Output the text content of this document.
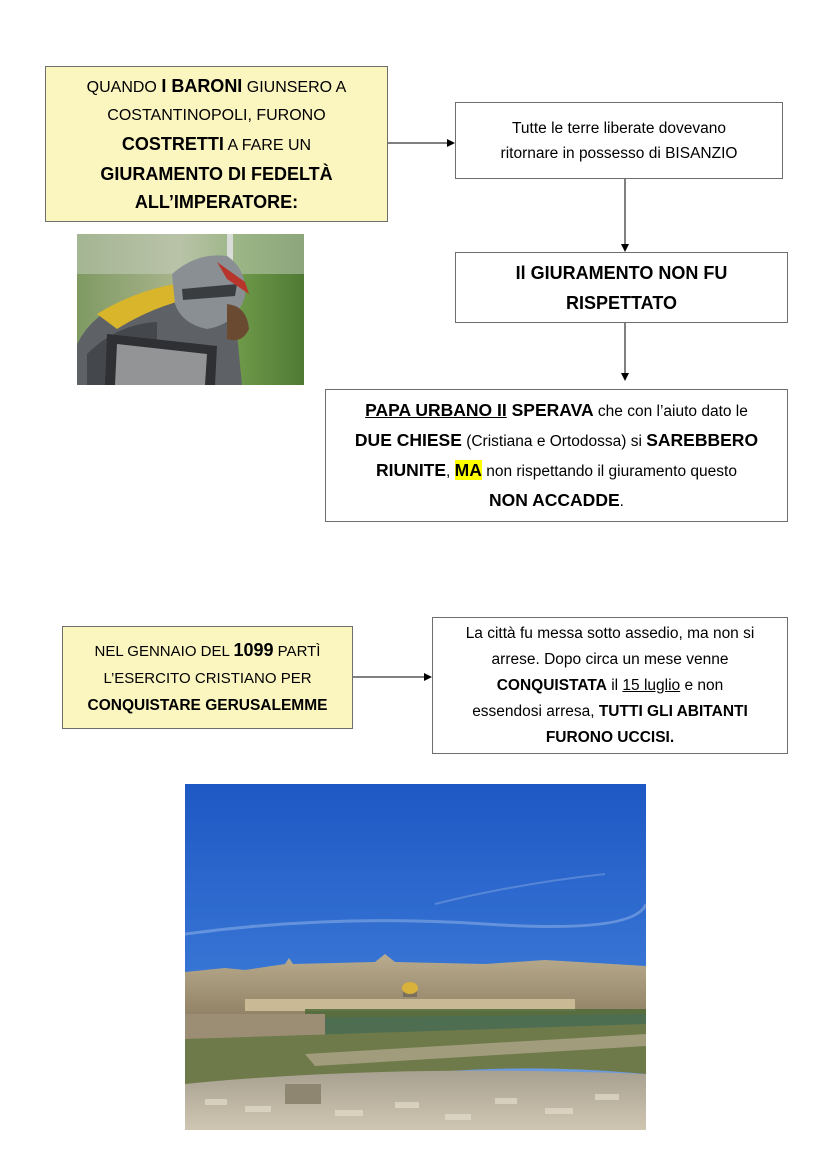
QUANDO I BARONI GIUNSERO A
COSTANTINOPOLI, FURONO
COSTRETTI A FARE UN
GIURAMENTO DI FEDELTÀ
ALL’IMPERATORE:
Tutte le terre liberate dovevano
ritornare in possesso di BISANZIO
Il GIURAMENTO NON FU
RISPETTATO
PAPA URBANO II SPERAVA che con l’aiuto dato le
DUE CHIESE (Cristiana e Ortodossa) si SAREBBERO
RIUNITE, MA non rispettando il giuramento questo
NON ACCADDE.
NEL GENNAIO DEL 1099 PARTÌ
L’ESERCITO CRISTIANO PER
CONQUISTARE GERUSALEMME
La città fu messa sotto assedio, ma non si
arrese. Dopo circa un mese venne
CONQUISTATA il 15 luglio e non
essendosi arresa, TUTTI GLI ABITANTI
FURONO UCCISI.
